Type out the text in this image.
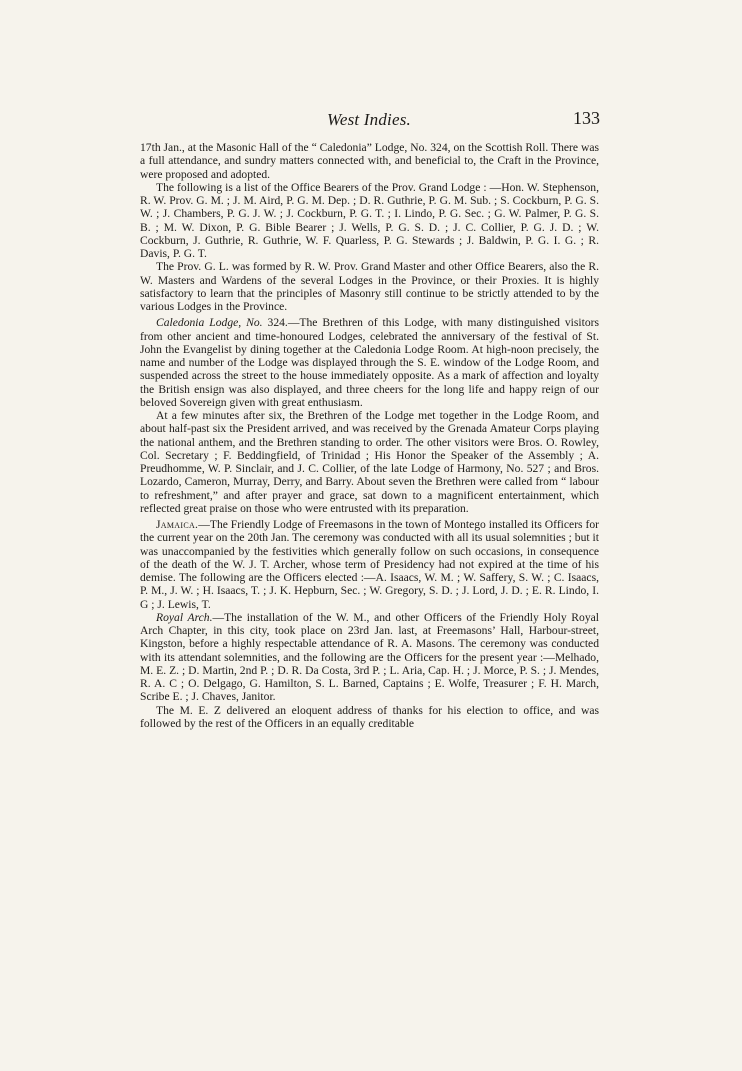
West Indies.	133

17th Jan., at the Masonic Hall of the “ Caledonia” Lodge, No. 324, on the Scottish Roll. There was a full attendance, and sundry matters connected with, and beneficial to, the Craft in the Province, were proposed and adopted.

The following is a list of the Office Bearers of the Prov. Grand Lodge : —Hon. W. Stephenson, R. W. Prov. G. M. ; J. M. Aird, P. G. M. Dep. ; D. R. Guthrie, P. G. M. Sub. ; S. Cockburn, P. G. S. W. ; J. Chambers, P. G. J. W. ; J. Cockburn, P. G. T. ; I. Lindo, P. G. Sec. ; G. W. Palmer, P. G. S. B. ; M. W. Dixon, P. G. Bible Bearer ; J. Wells, P. G. S. D. ; J. C. Collier, P. G. J. D. ; W. Cockburn, J. Guthrie, R. Guthrie, W. F. Quarless, P. G. Stewards ; J. Baldwin, P. G. I. G. ; R. Davis, P. G. T.

The Prov. G. L. was formed by R. W. Prov. Grand Master and other Office Bearers, also the R. W. Masters and Wardens of the several Lodges in the Province, or their Proxies. It is highly satisfactory to learn that the principles of Masonry still continue to be strictly attended to by the various Lodges in the Province.

Caledonia Lodge, No. 324.—The Brethren of this Lodge, with many distinguished visitors from other ancient and time-honoured Lodges, celebrated the anniversary of the festival of St. John the Evangelist by dining together at the Caledonia Lodge Room. At high-noon precisely, the name and number of the Lodge was displayed through the S. E. window of the Lodge Room, and suspended across the street to the house immediately opposite. As a mark of affection and loyalty the British ensign was also displayed, and three cheers for the long life and happy reign of our beloved Sovereign given with great enthusiasm.

At a few minutes after six, the Brethren of the Lodge met together in the Lodge Room, and about half-past six the President arrived, and was received by the Grenada Amateur Corps playing the national anthem, and the Brethren standing to order. The other visitors were Bros. O. Rowley, Col. Secretary ; F. Beddingfield, of Trinidad ; His Honor the Speaker of the Assembly ; A. Preudhomme, W. P. Sinclair, and J. C. Collier, of the late Lodge of Harmony, No. 527 ; and Bros. Lozardo, Cameron, Murray, Derry, and Barry. About seven the Brethren were called from “ labour to refreshment,” and after prayer and grace, sat down to a magnificent entertainment, which reflected great praise on those who were entrusted with its preparation.

Jamaica.—The Friendly Lodge of Freemasons in the town of Montego installed its Officers for the current year on the 20th Jan. The ceremony was conducted with all its usual solemnities ; but it was unaccompanied by the festivities which generally follow on such occasions, in consequence of the death of the W. J. T. Archer, whose term of Presidency had not expired at the time of his demise. The following are the Officers elected :—A. Isaacs, W. M. ; W. Saffery, S. W. ; C. Isaacs, P. M., J. W. ; H. Isaacs, T. ; J. K. Hepburn, Sec. ; W. Gregory, S. D. ; J. Lord, J. D. ; E. R. Lindo, I. G ; J. Lewis, T.

Royal Arch.—The installation of the W. M., and other Officers of the Friendly Holy Royal Arch Chapter, in this city, took place on 23rd Jan. last, at Freemasons’ Hall, Harbour-street, Kingston, before a highly respectable attendance of R. A. Masons. The ceremony was conducted with its attendant solemnities, and the following are the Officers for the present year :—Melhado, M. E. Z. ; D. Martin, 2nd P. ; D. R. Da Costa, 3rd P. ; L. Aria, Cap. H. ; J. Morce, P. S. ; J. Mendes, R. A. C ; O. Delgago, G. Hamilton, S. L. Barned, Captains ; E. Wolfe, Treasurer ; F. H. March, Scribe E. ; J. Chaves, Janitor.

The M. E. Z delivered an eloquent address of thanks for his election to office, and was followed by the rest of the Officers in an equally creditable
